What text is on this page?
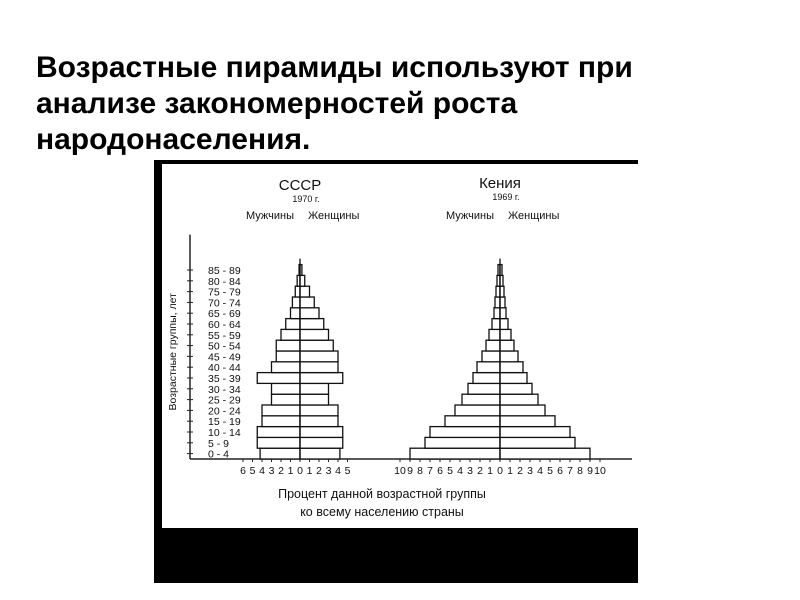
Возрастные пирамиды используют при
анализе закономерностей роста
народонаселения.
0 - 4
5 - 9
10 - 14
15 - 19
20 - 24
25 - 29
30 - 34
35 - 39
40 - 44
45 - 49
50 - 54
55 - 59
60 - 64
65 - 69
70 - 74
75 - 79
80 - 84
85 - 89
Возрастные группы, лет
СССР
1970 г.
Мужчины Женщины
6 5 4 3 2 1 0 1 2 3 4 5
Кения
1969 г.
Мужчины Женщины
10 9 8 7 6 5 4 3 2 1 0 1 2 3 4 5 6 7 8 9 10
Процент данной возрастной группы
ко всему населению страны
